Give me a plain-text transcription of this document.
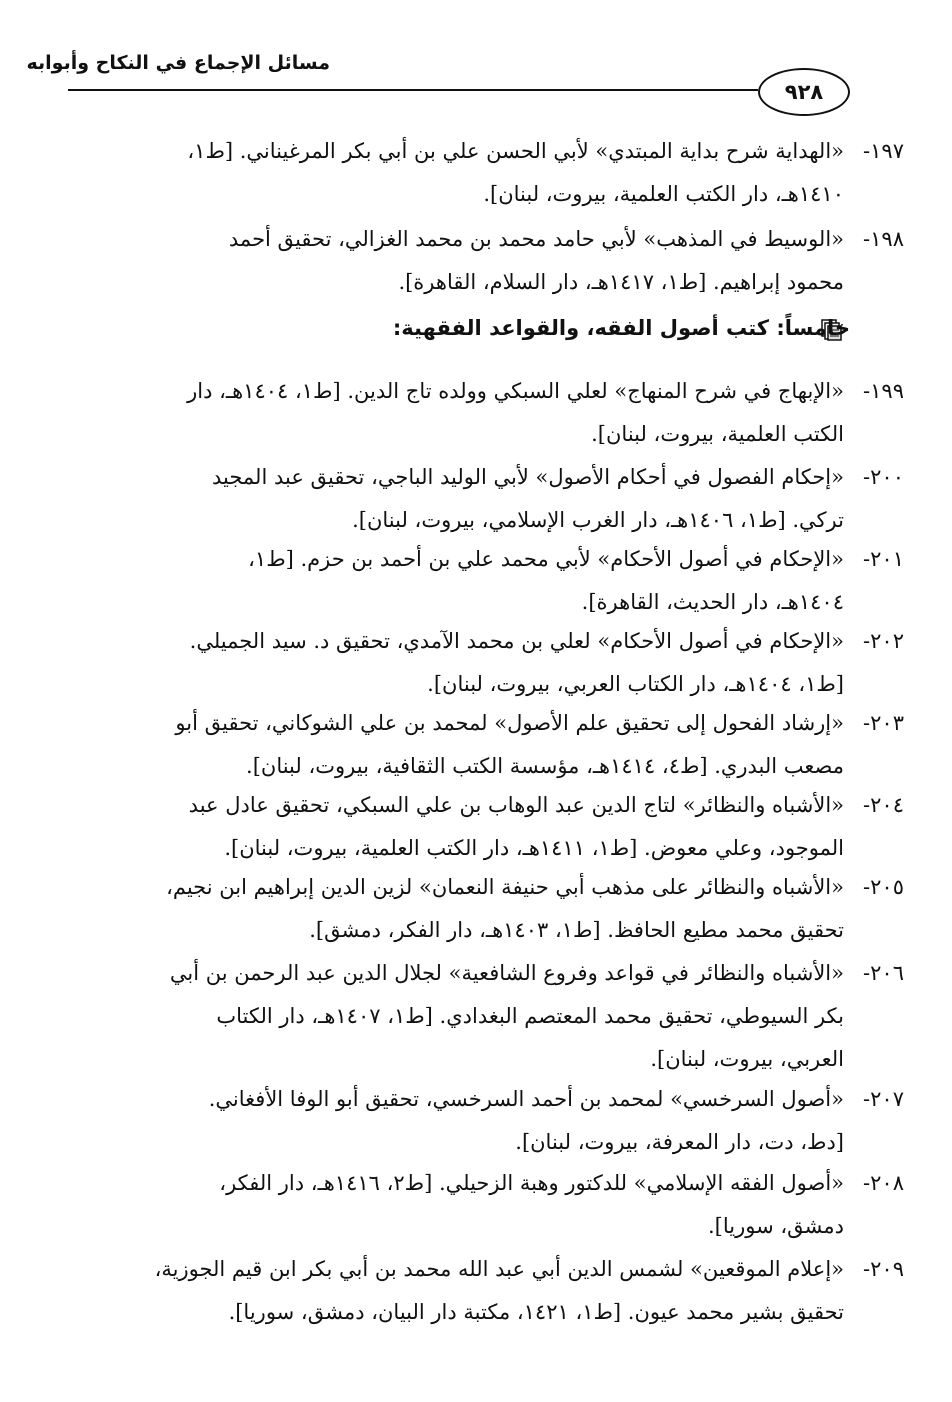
مسائل الإجماع في النكاح وأبوابه
٩٢٨
١٩٧-

«الهداية شرح بداية المبتدي» لأبي الحسن علي بن أبي بكر المرغيناني. [ط١،

١٤١٠هـ، دار الكتب العلمية، بيروت، لبنان].

١٩٨-

«الوسيط في المذهب» لأبي حامد محمد بن محمد الغزالي، تحقيق أحمد

محمود إبراهيم. [ط١، ١٤١٧هـ، دار السلام، القاهرة].

خامساً: كتب أصول الفقه، والقواعد الفقهية:
١٩٩-

«الإبهاج في شرح المنهاج» لعلي السبكي وولده تاج الدين. [ط١، ١٤٠٤هـ، دار

الكتب العلمية، بيروت، لبنان].

٢٠٠-

«إحكام الفصول في أحكام الأصول» لأبي الوليد الباجي، تحقيق عبد المجيد

تركي. [ط١، ١٤٠٦هـ، دار الغرب الإسلامي، بيروت، لبنان].

٢٠١-

«الإحكام في أصول الأحكام» لأبي محمد علي بن أحمد بن حزم. [ط١،

١٤٠٤هـ، دار الحديث، القاهرة].

٢٠٢-

«الإحكام في أصول الأحكام» لعلي بن محمد الآمدي، تحقيق د. سيد الجميلي.

[ط١، ١٤٠٤هـ، دار الكتاب العربي، بيروت، لبنان].

٢٠٣-

«إرشاد الفحول إلى تحقيق علم الأصول» لمحمد بن علي الشوكاني، تحقيق أبو

مصعب البدري. [ط٤، ١٤١٤هـ، مؤسسة الكتب الثقافية، بيروت، لبنان].

٢٠٤-

«الأشباه والنظائر» لتاج الدين عبد الوهاب بن علي السبكي، تحقيق عادل عبد

الموجود، وعلي معوض. [ط١، ١٤١١هـ، دار الكتب العلمية، بيروت، لبنان].

٢٠٥-

«الأشباه والنظائر على مذهب أبي حنيفة النعمان» لزين الدين إبراهيم ابن نجيم،

تحقيق محمد مطيع الحافظ. [ط١، ١٤٠٣هـ، دار الفكر، دمشق].

٢٠٦-

«الأشباه والنظائر في قواعد وفروع الشافعية» لجلال الدين عبد الرحمن بن أبي

بكر السيوطي، تحقيق محمد المعتصم البغدادي. [ط١، ١٤٠٧هـ، دار الكتاب

العربي، بيروت، لبنان].

٢٠٧-

«أصول السرخسي» لمحمد بن أحمد السرخسي، تحقيق أبو الوفا الأفغاني.

[دط، دت، دار المعرفة، بيروت، لبنان].

٢٠٨-

«أصول الفقه الإسلامي» للدكتور وهبة الزحيلي. [ط٢، ١٤١٦هـ، دار الفكر،

دمشق، سوريا].

٢٠٩-

«إعلام الموقعين» لشمس الدين أبي عبد الله محمد بن أبي بكر ابن قيم الجوزية،

تحقيق بشير محمد عيون. [ط١، ١٤٢١، مكتبة دار البيان، دمشق، سوريا].
